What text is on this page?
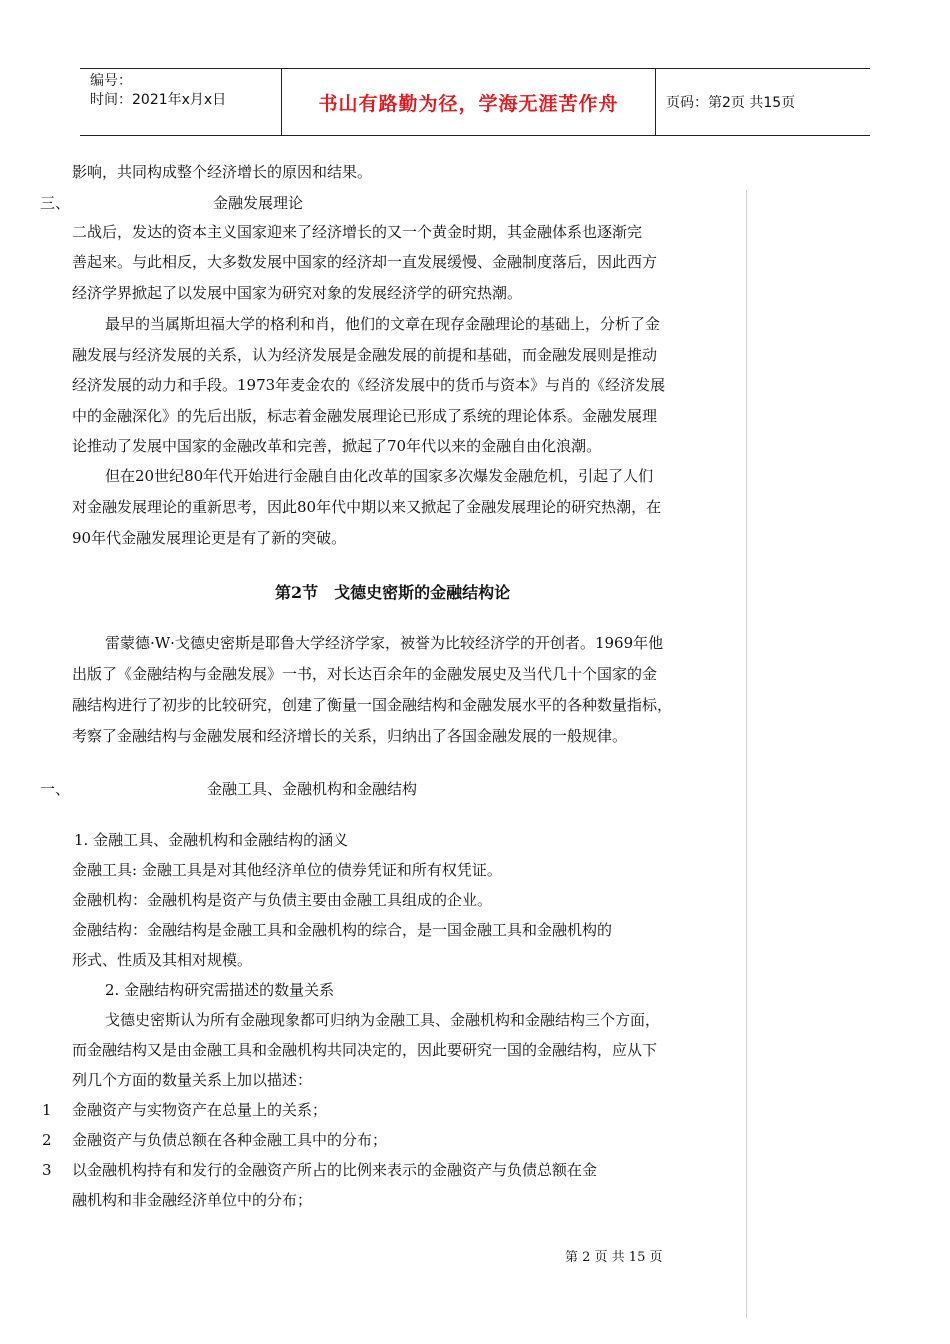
编号：
时间：2021年x月x日	书山有路勤为径，学海无涯苦作舟	页码：第2页 共15页
影响，共同构成整个经济增长的原因和结果。
三、	金融发展理论
二战后，发达的资本主义国家迎来了经济增长的又一个黄金时期，其金融体系也逐渐完
善起来。与此相反，大多数发展中国家的经济却一直发展缓慢、金融制度落后，因此西方
经济学界掀起了以发展中国家为研究对象的发展经济学的研究热潮。
最早的当属斯坦福大学的格利和肖，他们的文章在现存金融理论的基础上，分析了金
融发展与经济发展的关系，认为经济发展是金融发展的前提和基础，而金融发展则是推动
经济发展的动力和手段。1973年麦金农的《经济发展中的货币与资本》与肖的《经济发展
中的金融深化》的先后出版，标志着金融发展理论已形成了系统的理论体系。金融发展理
论推动了发展中国家的金融改革和完善，掀起了70年代以来的金融自由化浪潮。
但在20世纪80年代开始进行金融自由化改革的国家多次爆发金融危机，引起了人们
对金融发展理论的重新思考，因此80年代中期以来又掀起了金融发展理论的研究热潮，在
90年代金融发展理论更是有了新的突破。
第2节　戈德史密斯的金融结构论
雷蒙德·W·戈德史密斯是耶鲁大学经济学家，被誉为比较经济学的开创者。1969年他
出版了《金融结构与金融发展》一书，对长达百余年的金融发展史及当代几十个国家的金
融结构进行了初步的比较研究，创建了衡量一国金融结构和金融发展水平的各种数量指标，
考察了金融结构与金融发展和经济增长的关系，归纳出了各国金融发展的一般规律。
一、	金融工具、金融机构和金融结构
1. 金融工具、金融机构和金融结构的涵义
金融工具: 金融工具是对其他经济单位的债券凭证和所有权凭证。
金融机构：金融机构是资产与负债主要由金融工具组成的企业。
金融结构：金融结构是金融工具和金融机构的综合，是一国金融工具和金融机构的
形式、性质及其相对规模。
2. 金融结构研究需描述的数量关系
戈德史密斯认为所有金融现象都可归纳为金融工具、金融机构和金融结构三个方面，
而金融结构又是由金融工具和金融机构共同决定的，因此要研究一国的金融结构，应从下
列几个方面的数量关系上加以描述：
1 金融资产与实物资产在总量上的关系；
2 金融资产与负债总额在各种金融工具中的分布；
3 以金融机构持有和发行的金融资产所占的比例来表示的金融资产与负债总额在金
融机构和非金融经济单位中的分布；
第 2 页 共 15 页
